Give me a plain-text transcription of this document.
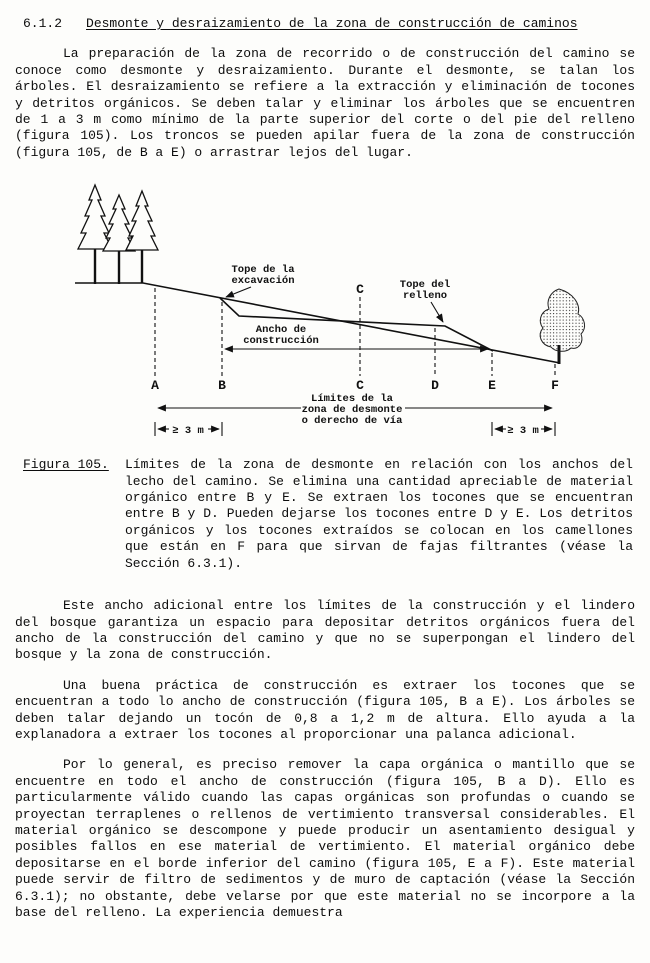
6.1.2 Desmonte y desraizamiento de la zona de construcción de caminos

La preparación de la zona de recorrido o de construcción del camino se conoce como desmonte y desraizamiento. Durante el desmonte, se talan los árboles. El desraizamiento se refiere a la extracción y eliminación de tocones y detritos orgánicos. Se deben talar y eliminar los árboles que se encuentren de 1 a 3 m como mínimo de la parte superior del corte o del pie del relleno (figura 105). Los troncos se pueden apilar fuera de la zona de construcción (figura 105, de B a E) o arrastrar lejos del lugar.

C
Tope de la
excavación	Tope del
relleno
Ancho de
construcción
A	B	C	D	E	F
Límites de la
zona de desmonte
o derecho de vía
≥ 3 m	≥ 3 m
Figura 105.	Límites de la zona de desmonte en relación con los anchos del lecho del camino. Se elimina una cantidad apreciable de material orgánico entre B y E. Se extraen los tocones que se encuentran entre B y D. Pueden dejarse los tocones entre D y E. Los detritos orgánicos y los tocones extraídos se colocan en los camellones que están en F para que sirvan de fajas filtrantes (véase la Sección 6.3.1).

Este ancho adicional entre los límites de la construcción y el lindero del bosque garantiza un espacio para depositar detritos orgánicos fuera del ancho de la construcción del camino y que no se superpongan el lindero del bosque y la zona de construcción.

Una buena práctica de construcción es extraer los tocones que se encuentran a todo lo ancho de construcción (figura 105, B a E). Los árboles se deben talar dejando un tocón de 0,8 a 1,2 m de altura. Ello ayuda a la explanadora a extraer los tocones al proporcionar una palanca adicional.

Por lo general, es preciso remover la capa orgánica o mantillo que se encuentre en todo el ancho de construcción (figura 105, B a D). Ello es particularmente válido cuando las capas orgánicas son profundas o cuando se proyectan terraplenes o rellenos de vertimiento transversal considerables. El material orgánico se descompone y puede producir un asentamiento desigual y posibles fallos en ese material de vertimiento. El material orgánico debe depositarse en el borde inferior del camino (figura 105, E a F). Este material puede servir de filtro de sedimentos y de muro de captación (véase la Sección 6.3.1); no obstante, debe velarse por que este material no se incorpore a la base del relleno. La experiencia demuestra
